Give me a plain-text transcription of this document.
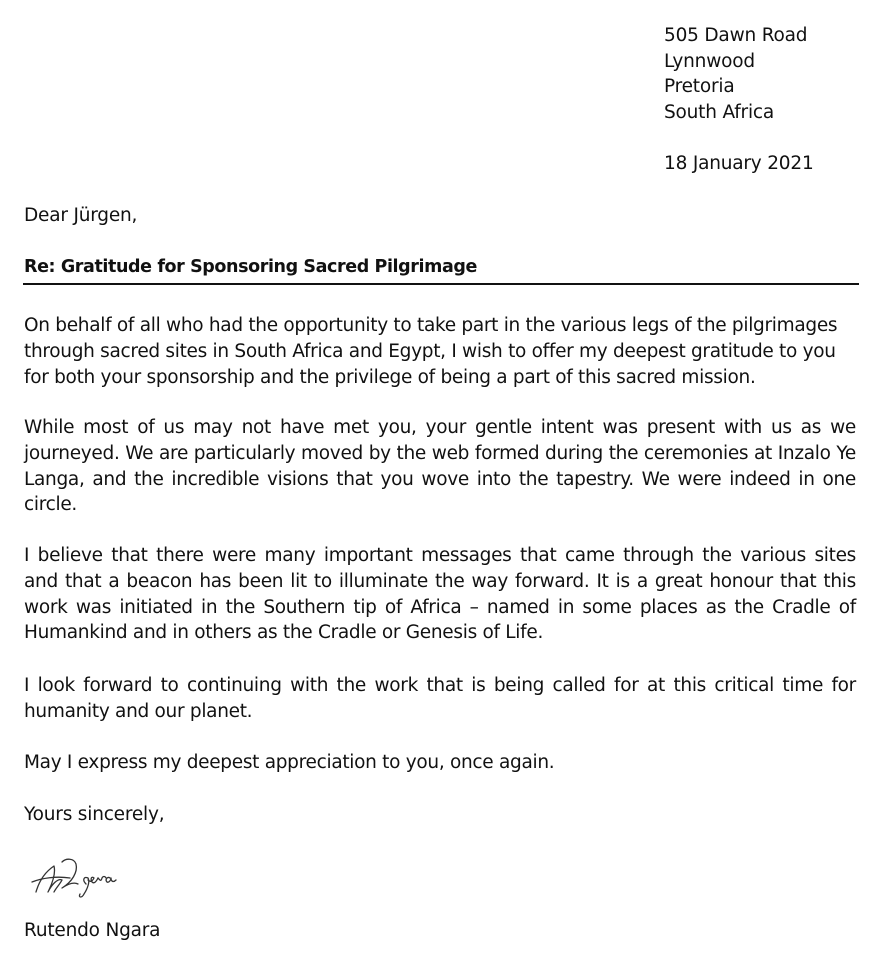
505 Dawn Road
Lynnwood
Pretoria
South Africa
18 January 2021
Dear Jürgen,
Re: Gratitude for Sponsoring Sacred Pilgrimage

On behalf of all who had the opportunity to take part in the various legs of the pilgrimages through sacred sites in South Africa and Egypt, I wish to offer my deepest gratitude to you for both your sponsorship and the privilege of being a part of this sacred mission.

While most of us may not have met you, your gentle intent was present with us as we journeyed. We are particularly moved by the web formed during the ceremonies at Inzalo Ye Langa, and the incredible visions that you wove into the tapestry. We were indeed in one circle.

I believe that there were many important messages that came through the various sites and that a beacon has been lit to illuminate the way forward. It is a great honour that this work was initiated in the Southern tip of Africa – named in some places as the Cradle of Humankind and in others as the Cradle or Genesis of Life.

I look forward to continuing with the work that is being called for at this critical time for humanity and our planet.

May I express my deepest appreciation to you, once again.

Yours sincerely,
Rutendo Ngara
